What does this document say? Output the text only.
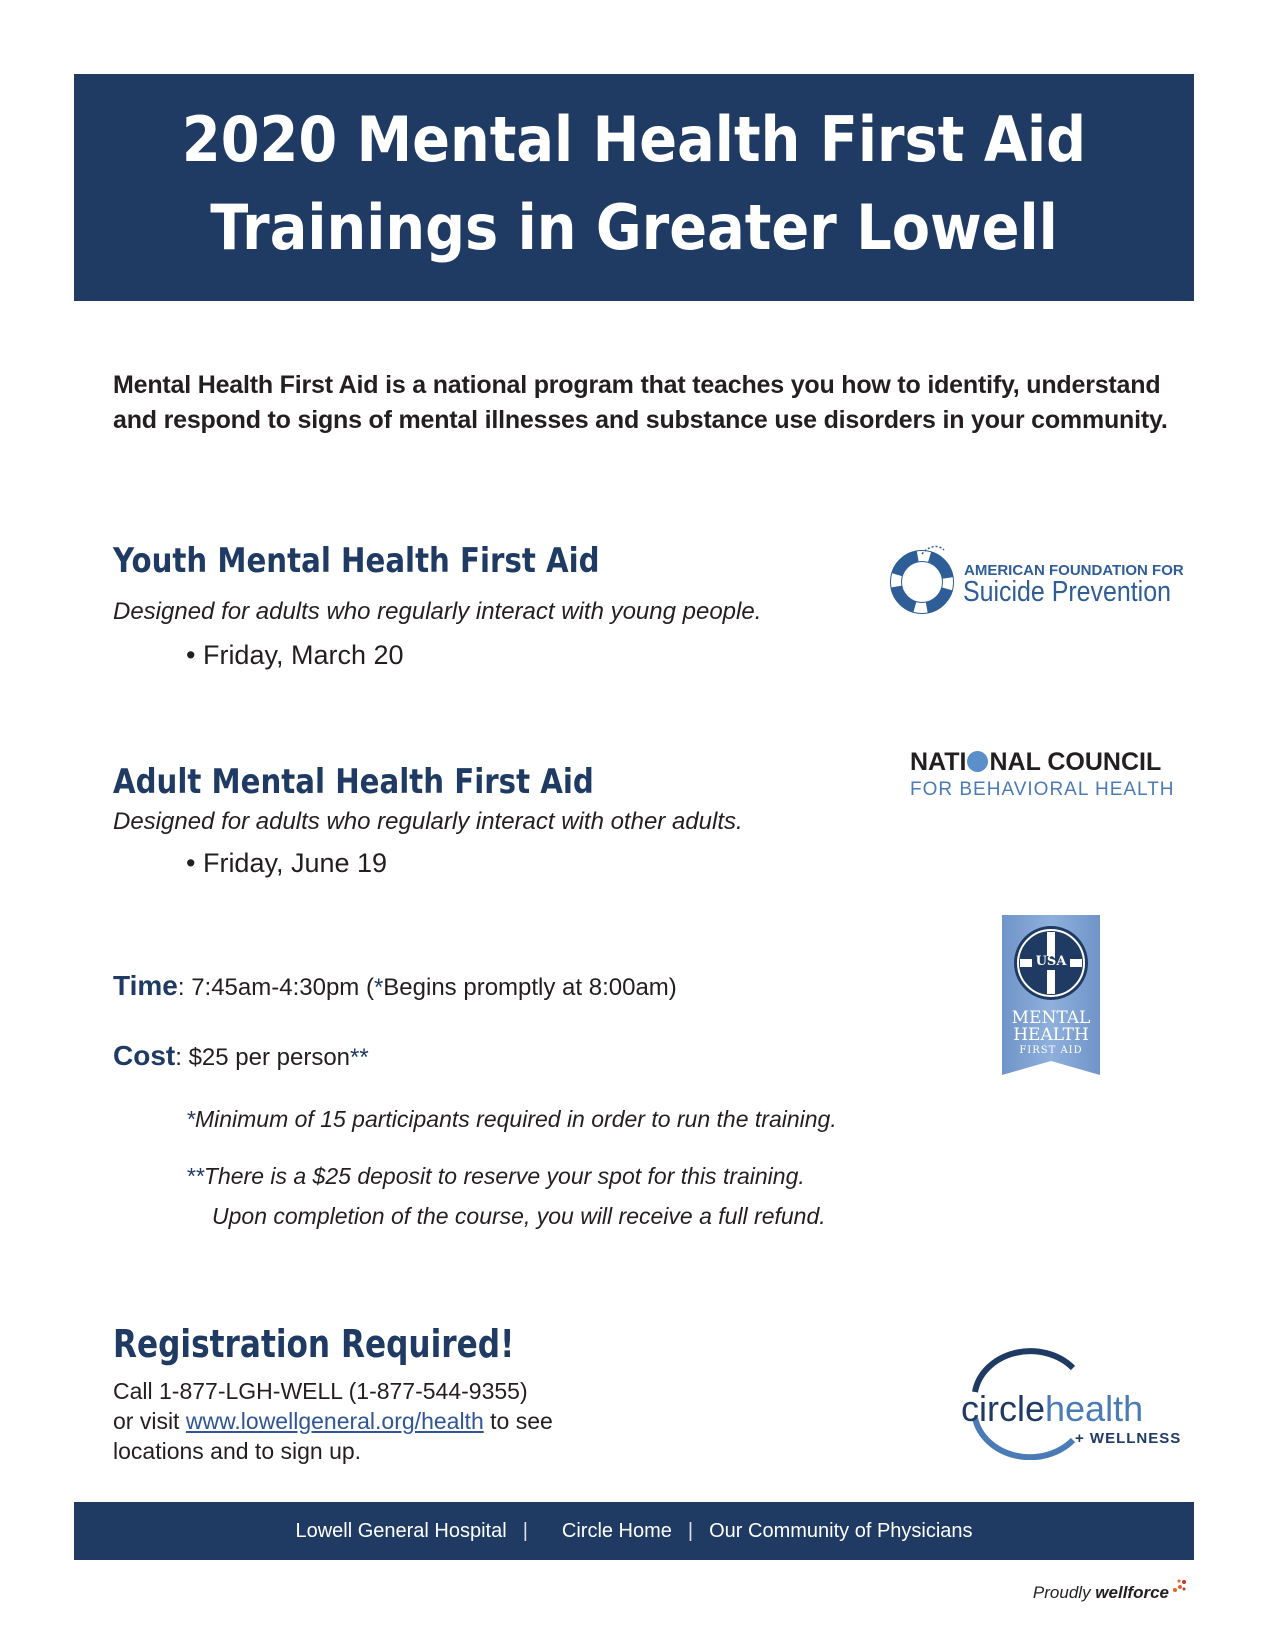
2020 Mental Health First Aid
Trainings in Greater Lowell
Mental Health First Aid is a national program that teaches you how to identify, understand and respond to signs of mental illnesses and substance use disorders in your community.
Youth Mental Health First Aid
Designed for adults who regularly interact with young people.
• Friday, March 20
Adult Mental Health First Aid
Designed for adults who regularly interact with other adults.
• Friday, June 19
Time: 7:45am-4:30pm (*Begins promptly at 8:00am)
Cost: $25 per person**
*Minimum of 15 participants required in order to run the training.
**There is a $25 deposit to reserve your spot for this training.
Upon completion of the course, you will receive a full refund.
Registration Required!
Call 1-877-LGH-WELL (1-877-544-9355)
or visit www.lowellgeneral.org/health to see
locations and to sign up.
AMERICAN FOUNDATION FOR
Suicide Prevention
NATI NAL COUNCIL
FOR BEHAVIORAL HEALTH
USA
MENTAL
HEALTH
FIRST AID
circlehealth
+ WELLNESS
Lowell General Hospital | Circle Home | Our Community of Physicians
Proudly wellforce
